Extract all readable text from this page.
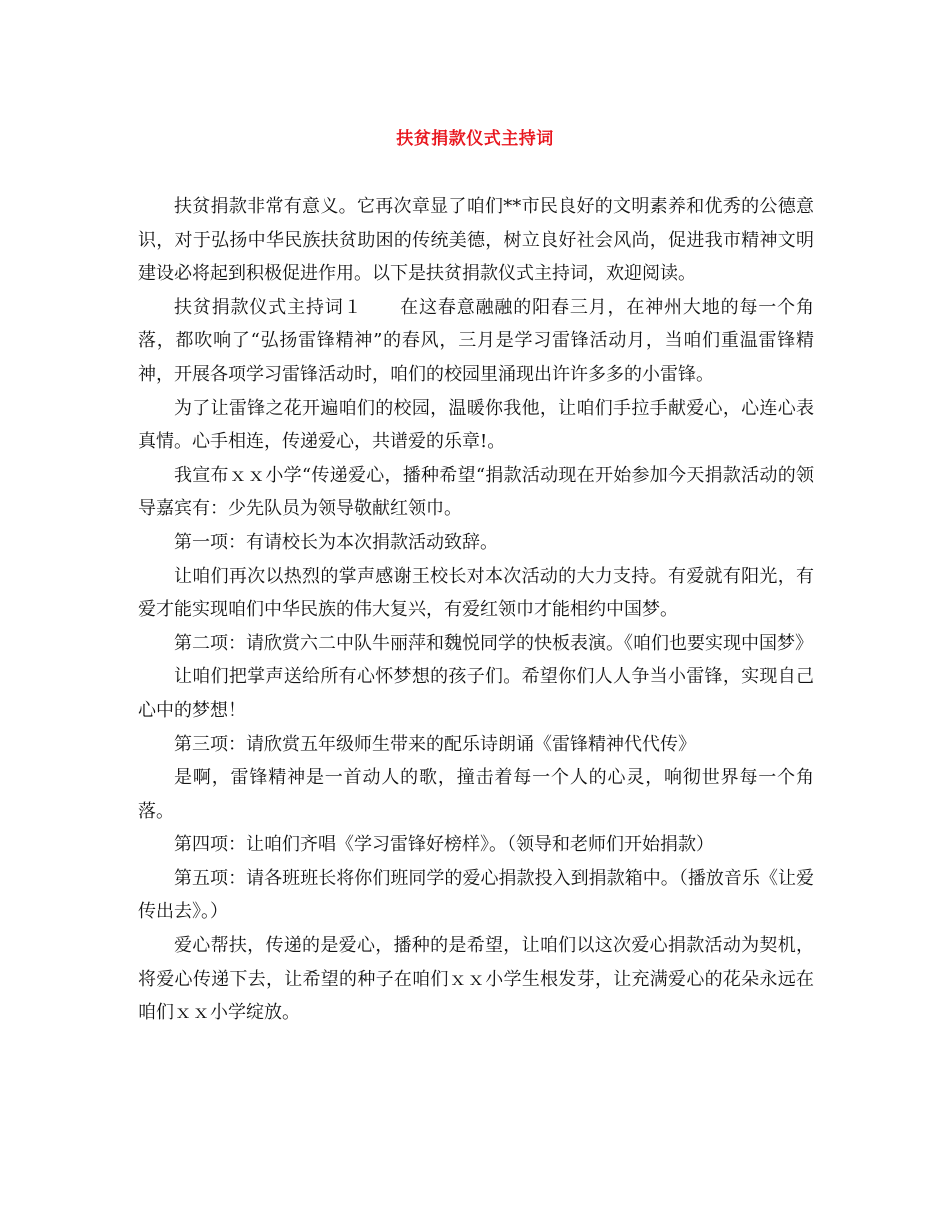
扶贫捐款仪式主持词

扶贫捐款非常有意义。它再次章显了咱们**市民良好的文明素养和优秀的公德意识，对于弘扬中华民族扶贫助困的传统美德，树立良好社会风尚，促进我市精神文明建设必将起到积极促进作用。以下是扶贫捐款仪式主持词，欢迎阅读。

扶贫捐款仪式主持词１　　在这春意融融的阳春三月，在神州大地的每一个角落，都吹响了“弘扬雷锋精神”的春风，三月是学习雷锋活动月，当咱们重温雷锋精神，开展各项学习雷锋活动时，咱们的校园里涌现出许许多多的小雷锋。

为了让雷锋之花开遍咱们的校园，温暖你我他，让咱们手拉手献爱心，心连心表真情。心手相连，传递爱心，共谱爱的乐章!。

我宣布ｘｘ小学“传递爱心，播种希望“捐款活动现在开始参加今天捐款活动的领导嘉宾有：少先队员为领导敬献红领巾。

第一项：有请校长为本次捐款活动致辞。

让咱们再次以热烈的掌声感谢王校长对本次活动的大力支持。有爱就有阳光，有爱才能实现咱们中华民族的伟大复兴，有爱红领巾才能相约中国梦。

第二项：请欣赏六二中队牛丽萍和魏悦同学的快板表演。《咱们也要实现中国梦》

让咱们把掌声送给所有心怀梦想的孩子们。希望你们人人争当小雷锋，实现自己心中的梦想！

第三项：请欣赏五年级师生带来的配乐诗朗诵《雷锋精神代代传》

是啊，雷锋精神是一首动人的歌，撞击着每一个人的心灵，响彻世界每一个角落。

第四项：让咱们齐唱《学习雷锋好榜样》。（领导和老师们开始捐款）

第五项：请各班班长将你们班同学的爱心捐款投入到捐款箱中。（播放音乐《让爱传出去》。）

爱心帮扶，传递的是爱心，播种的是希望，让咱们以这次爱心捐款活动为契机，将爱心传递下去，让希望的种子在咱们ｘｘ小学生根发芽，让充满爱心的花朵永远在咱们ｘｘ小学绽放。
